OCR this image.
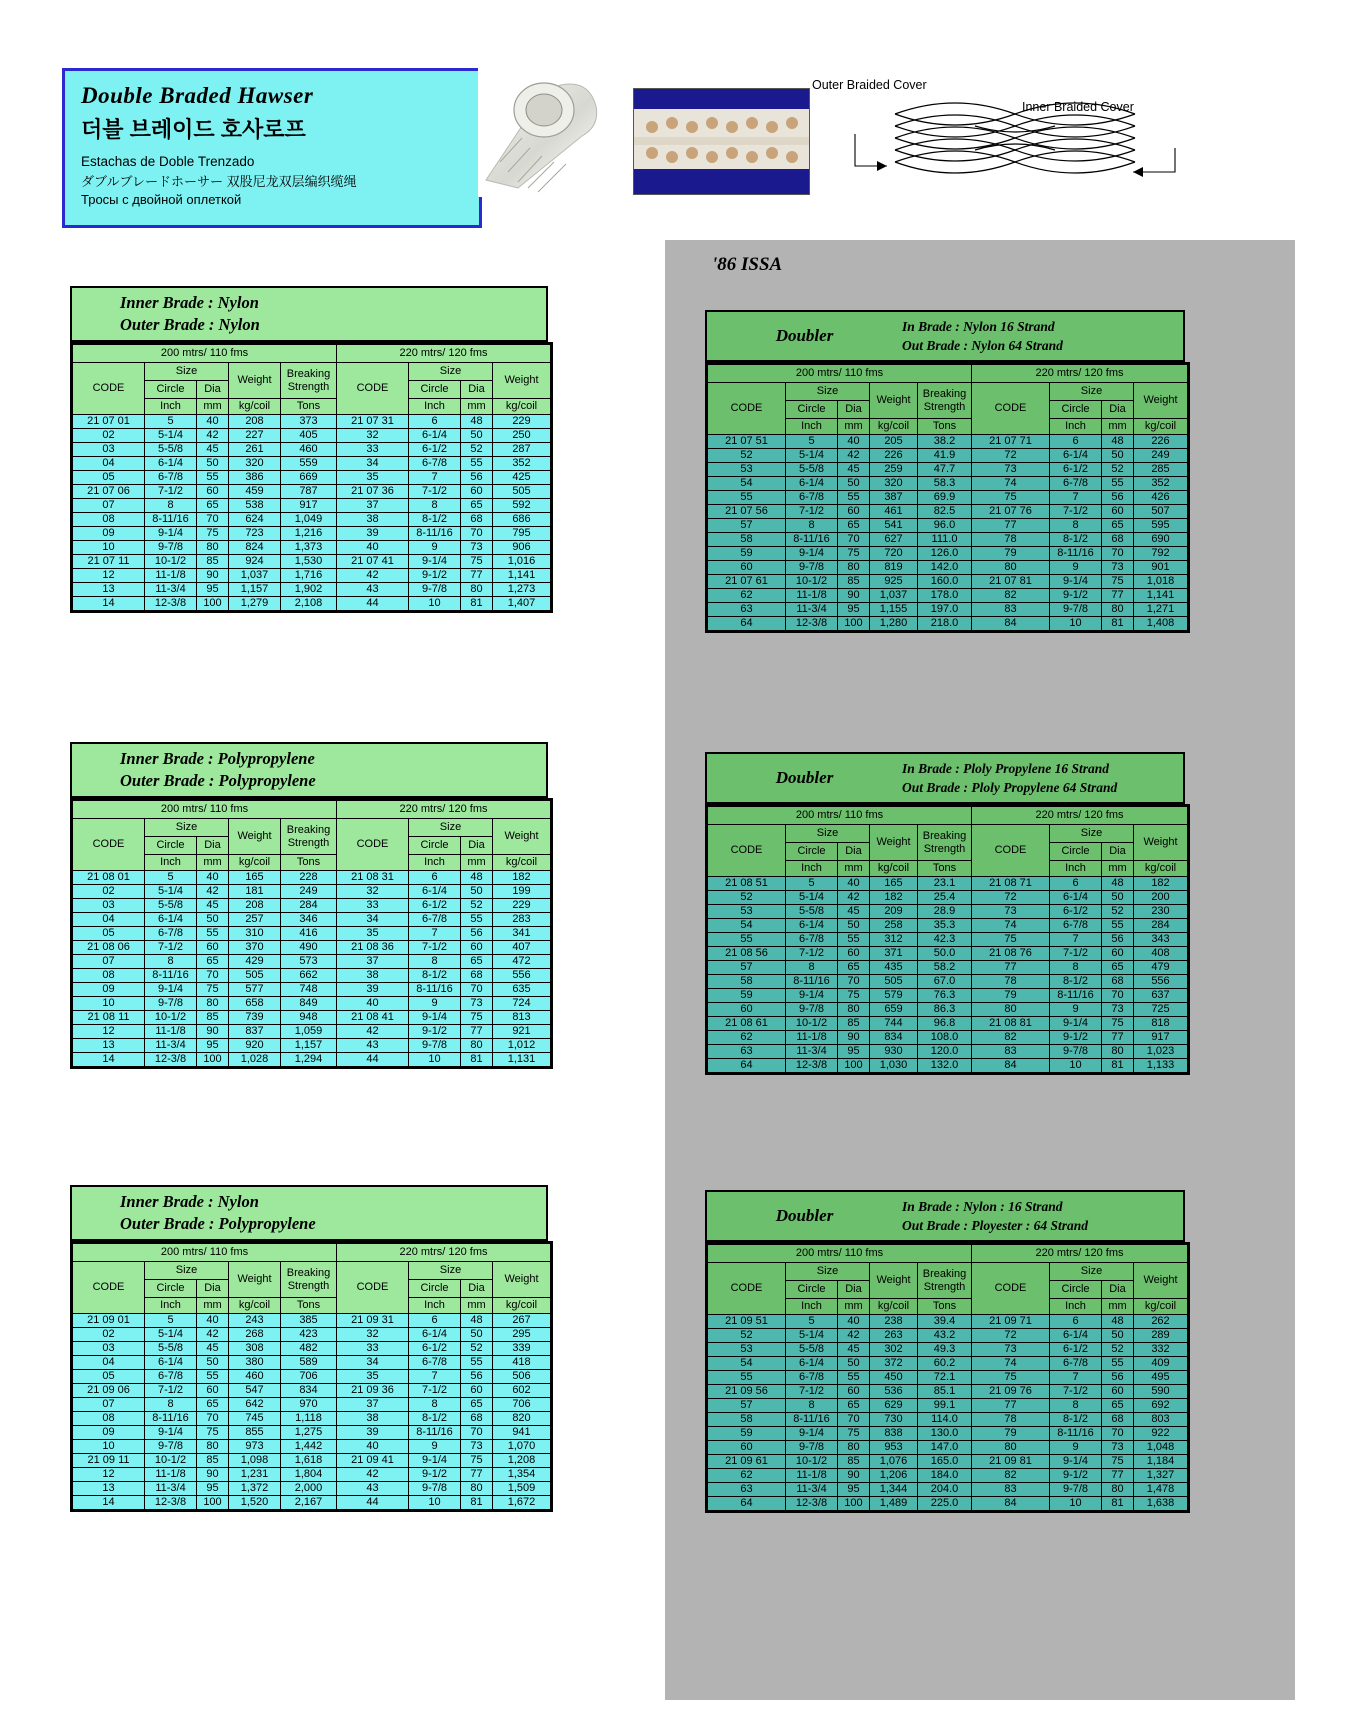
Double Braded Hawser
더블 브레이드 호사로프
Estachas de Doble Trenzado
ダブルブレードホーサー 双股尼龙双层编织缆绳
Тросы с двойной оплеткой
Outer Braided Cover
Inner Braided Cover
'86 ISSA
Inner Brade : Nylon
Outer Brade : Nylon
200 mtrs/ 110 fms					220 mtrs/ 120 fms			
CODE	Size		Weight	Breaking
Strength	CODE	Size		Weight
	Circle	Dia				Circle	Dia	
	Inch	mm	kg/coil	Tons		Inch	mm	kg/coil
21 07 01	5	40	208	373	21 07 31	6	48	229
02	5-1/4	42	227	405	32	6-1/4	50	250
03	5-5/8	45	261	460	33	6-1/2	52	287
04	6-1/4	50	320	559	34	6-7/8	55	352
05	6-7/8	55	386	669	35	7	56	425
21 07 06	7-1/2	60	459	787	21 07 36	7-1/2	60	505
07	8	65	538	917	37	8	65	592
08	8-11/16	70	624	1,049	38	8-1/2	68	686
09	9-1/4	75	723	1,216	39	8-11/16	70	795
10	9-7/8	80	824	1,373	40	9	73	906
21 07 11	10-1/2	85	924	1,530	21 07 41	9-1/4	75	1,016
12	11-1/8	90	1,037	1,716	42	9-1/2	77	1,141
13	11-3/4	95	1,157	1,902	43	9-7/8	80	1,273
14	12-3/8	100	1,279	2,108	44	10	81	1,407
Doubler	In Brade : Nylon 16 Strand
Out Brade : Nylon 64 Strand
200 mtrs/ 110 fms					220 mtrs/ 120 fms			
CODE	Size		Weight	Breaking
Strength	CODE	Size		Weight
	Circle	Dia				Circle	Dia	
	Inch	mm	kg/coil	Tons		Inch	mm	kg/coil
21 07 51	5	40	205	38.2	21 07 71	6	48	226
52	5-1/4	42	226	41.9	72	6-1/4	50	249
53	5-5/8	45	259	47.7	73	6-1/2	52	285
54	6-1/4	50	320	58.3	74	6-7/8	55	352
55	6-7/8	55	387	69.9	75	7	56	426
21 07 56	7-1/2	60	461	82.5	21 07 76	7-1/2	60	507
57	8	65	541	96.0	77	8	65	595
58	8-11/16	70	627	111.0	78	8-1/2	68	690
59	9-1/4	75	720	126.0	79	8-11/16	70	792
60	9-7/8	80	819	142.0	80	9	73	901
21 07 61	10-1/2	85	925	160.0	21 07 81	9-1/4	75	1,018
62	11-1/8	90	1,037	178.0	82	9-1/2	77	1,141
63	11-3/4	95	1,155	197.0	83	9-7/8	80	1,271
64	12-3/8	100	1,280	218.0	84	10	81	1,408
Inner Brade : Polypropylene
Outer Brade : Polypropylene
200 mtrs/ 110 fms					220 mtrs/ 120 fms			
CODE	Size		Weight	Breaking
Strength	CODE	Size		Weight
	Circle	Dia				Circle	Dia	
	Inch	mm	kg/coil	Tons		Inch	mm	kg/coil
21 08 01	5	40	165	228	21 08 31	6	48	182
02	5-1/4	42	181	249	32	6-1/4	50	199
03	5-5/8	45	208	284	33	6-1/2	52	229
04	6-1/4	50	257	346	34	6-7/8	55	283
05	6-7/8	55	310	416	35	7	56	341
21 08 06	7-1/2	60	370	490	21 08 36	7-1/2	60	407
07	8	65	429	573	37	8	65	472
08	8-11/16	70	505	662	38	8-1/2	68	556
09	9-1/4	75	577	748	39	8-11/16	70	635
10	9-7/8	80	658	849	40	9	73	724
21 08 11	10-1/2	85	739	948	21 08 41	9-1/4	75	813
12	11-1/8	90	837	1,059	42	9-1/2	77	921
13	11-3/4	95	920	1,157	43	9-7/8	80	1,012
14	12-3/8	100	1,028	1,294	44	10	81	1,131
Doubler	In Brade : Ploly Propylene 16 Strand
Out Brade : Ploly Propylene 64 Strand
200 mtrs/ 110 fms					220 mtrs/ 120 fms			
CODE	Size		Weight	Breaking
Strength	CODE	Size		Weight
	Circle	Dia				Circle	Dia	
	Inch	mm	kg/coil	Tons		Inch	mm	kg/coil
21 08 51	5	40	165	23.1	21 08 71	6	48	182
52	5-1/4	42	182	25.4	72	6-1/4	50	200
53	5-5/8	45	209	28.9	73	6-1/2	52	230
54	6-1/4	50	258	35.3	74	6-7/8	55	284
55	6-7/8	55	312	42.3	75	7	56	343
21 08 56	7-1/2	60	371	50.0	21 08 76	7-1/2	60	408
57	8	65	435	58.2	77	8	65	479
58	8-11/16	70	505	67.0	78	8-1/2	68	556
59	9-1/4	75	579	76.3	79	8-11/16	70	637
60	9-7/8	80	659	86.3	80	9	73	725
21 08 61	10-1/2	85	744	96.8	21 08 81	9-1/4	75	818
62	11-1/8	90	834	108.0	82	9-1/2	77	917
63	11-3/4	95	930	120.0	83	9-7/8	80	1,023
64	12-3/8	100	1,030	132.0	84	10	81	1,133
Inner Brade : Nylon
Outer Brade : Polypropylene
200 mtrs/ 110 fms					220 mtrs/ 120 fms			
CODE	Size		Weight	Breaking
Strength	CODE	Size		Weight
	Circle	Dia				Circle	Dia	
	Inch	mm	kg/coil	Tons		Inch	mm	kg/coil
21 09 01	5	40	243	385	21 09 31	6	48	267
02	5-1/4	42	268	423	32	6-1/4	50	295
03	5-5/8	45	308	482	33	6-1/2	52	339
04	6-1/4	50	380	589	34	6-7/8	55	418
05	6-7/8	55	460	706	35	7	56	506
21 09 06	7-1/2	60	547	834	21 09 36	7-1/2	60	602
07	8	65	642	970	37	8	65	706
08	8-11/16	70	745	1,118	38	8-1/2	68	820
09	9-1/4	75	855	1,275	39	8-11/16	70	941
10	9-7/8	80	973	1,442	40	9	73	1,070
21 09 11	10-1/2	85	1,098	1,618	21 09 41	9-1/4	75	1,208
12	11-1/8	90	1,231	1,804	42	9-1/2	77	1,354
13	11-3/4	95	1,372	2,000	43	9-7/8	80	1,509
14	12-3/8	100	1,520	2,167	44	10	81	1,672
Doubler	In Brade : Nylon : 16 Strand
Out Brade : Ployester : 64 Strand
200 mtrs/ 110 fms					220 mtrs/ 120 fms			
CODE	Size		Weight	Breaking
Strength	CODE	Size		Weight
	Circle	Dia				Circle	Dia	
	Inch	mm	kg/coil	Tons		Inch	mm	kg/coil
21 09 51	5	40	238	39.4	21 09 71	6	48	262
52	5-1/4	42	263	43.2	72	6-1/4	50	289
53	5-5/8	45	302	49.3	73	6-1/2	52	332
54	6-1/4	50	372	60.2	74	6-7/8	55	409
55	6-7/8	55	450	72.1	75	7	56	495
21 09 56	7-1/2	60	536	85.1	21 09 76	7-1/2	60	590
57	8	65	629	99.1	77	8	65	692
58	8-11/16	70	730	114.0	78	8-1/2	68	803
59	9-1/4	75	838	130.0	79	8-11/16	70	922
60	9-7/8	80	953	147.0	80	9	73	1,048
21 09 61	10-1/2	85	1,076	165.0	21 09 81	9-1/4	75	1,184
62	11-1/8	90	1,206	184.0	82	9-1/2	77	1,327
63	11-3/4	95	1,344	204.0	83	9-7/8	80	1,478
64	12-3/8	100	1,489	225.0	84	10	81	1,638
